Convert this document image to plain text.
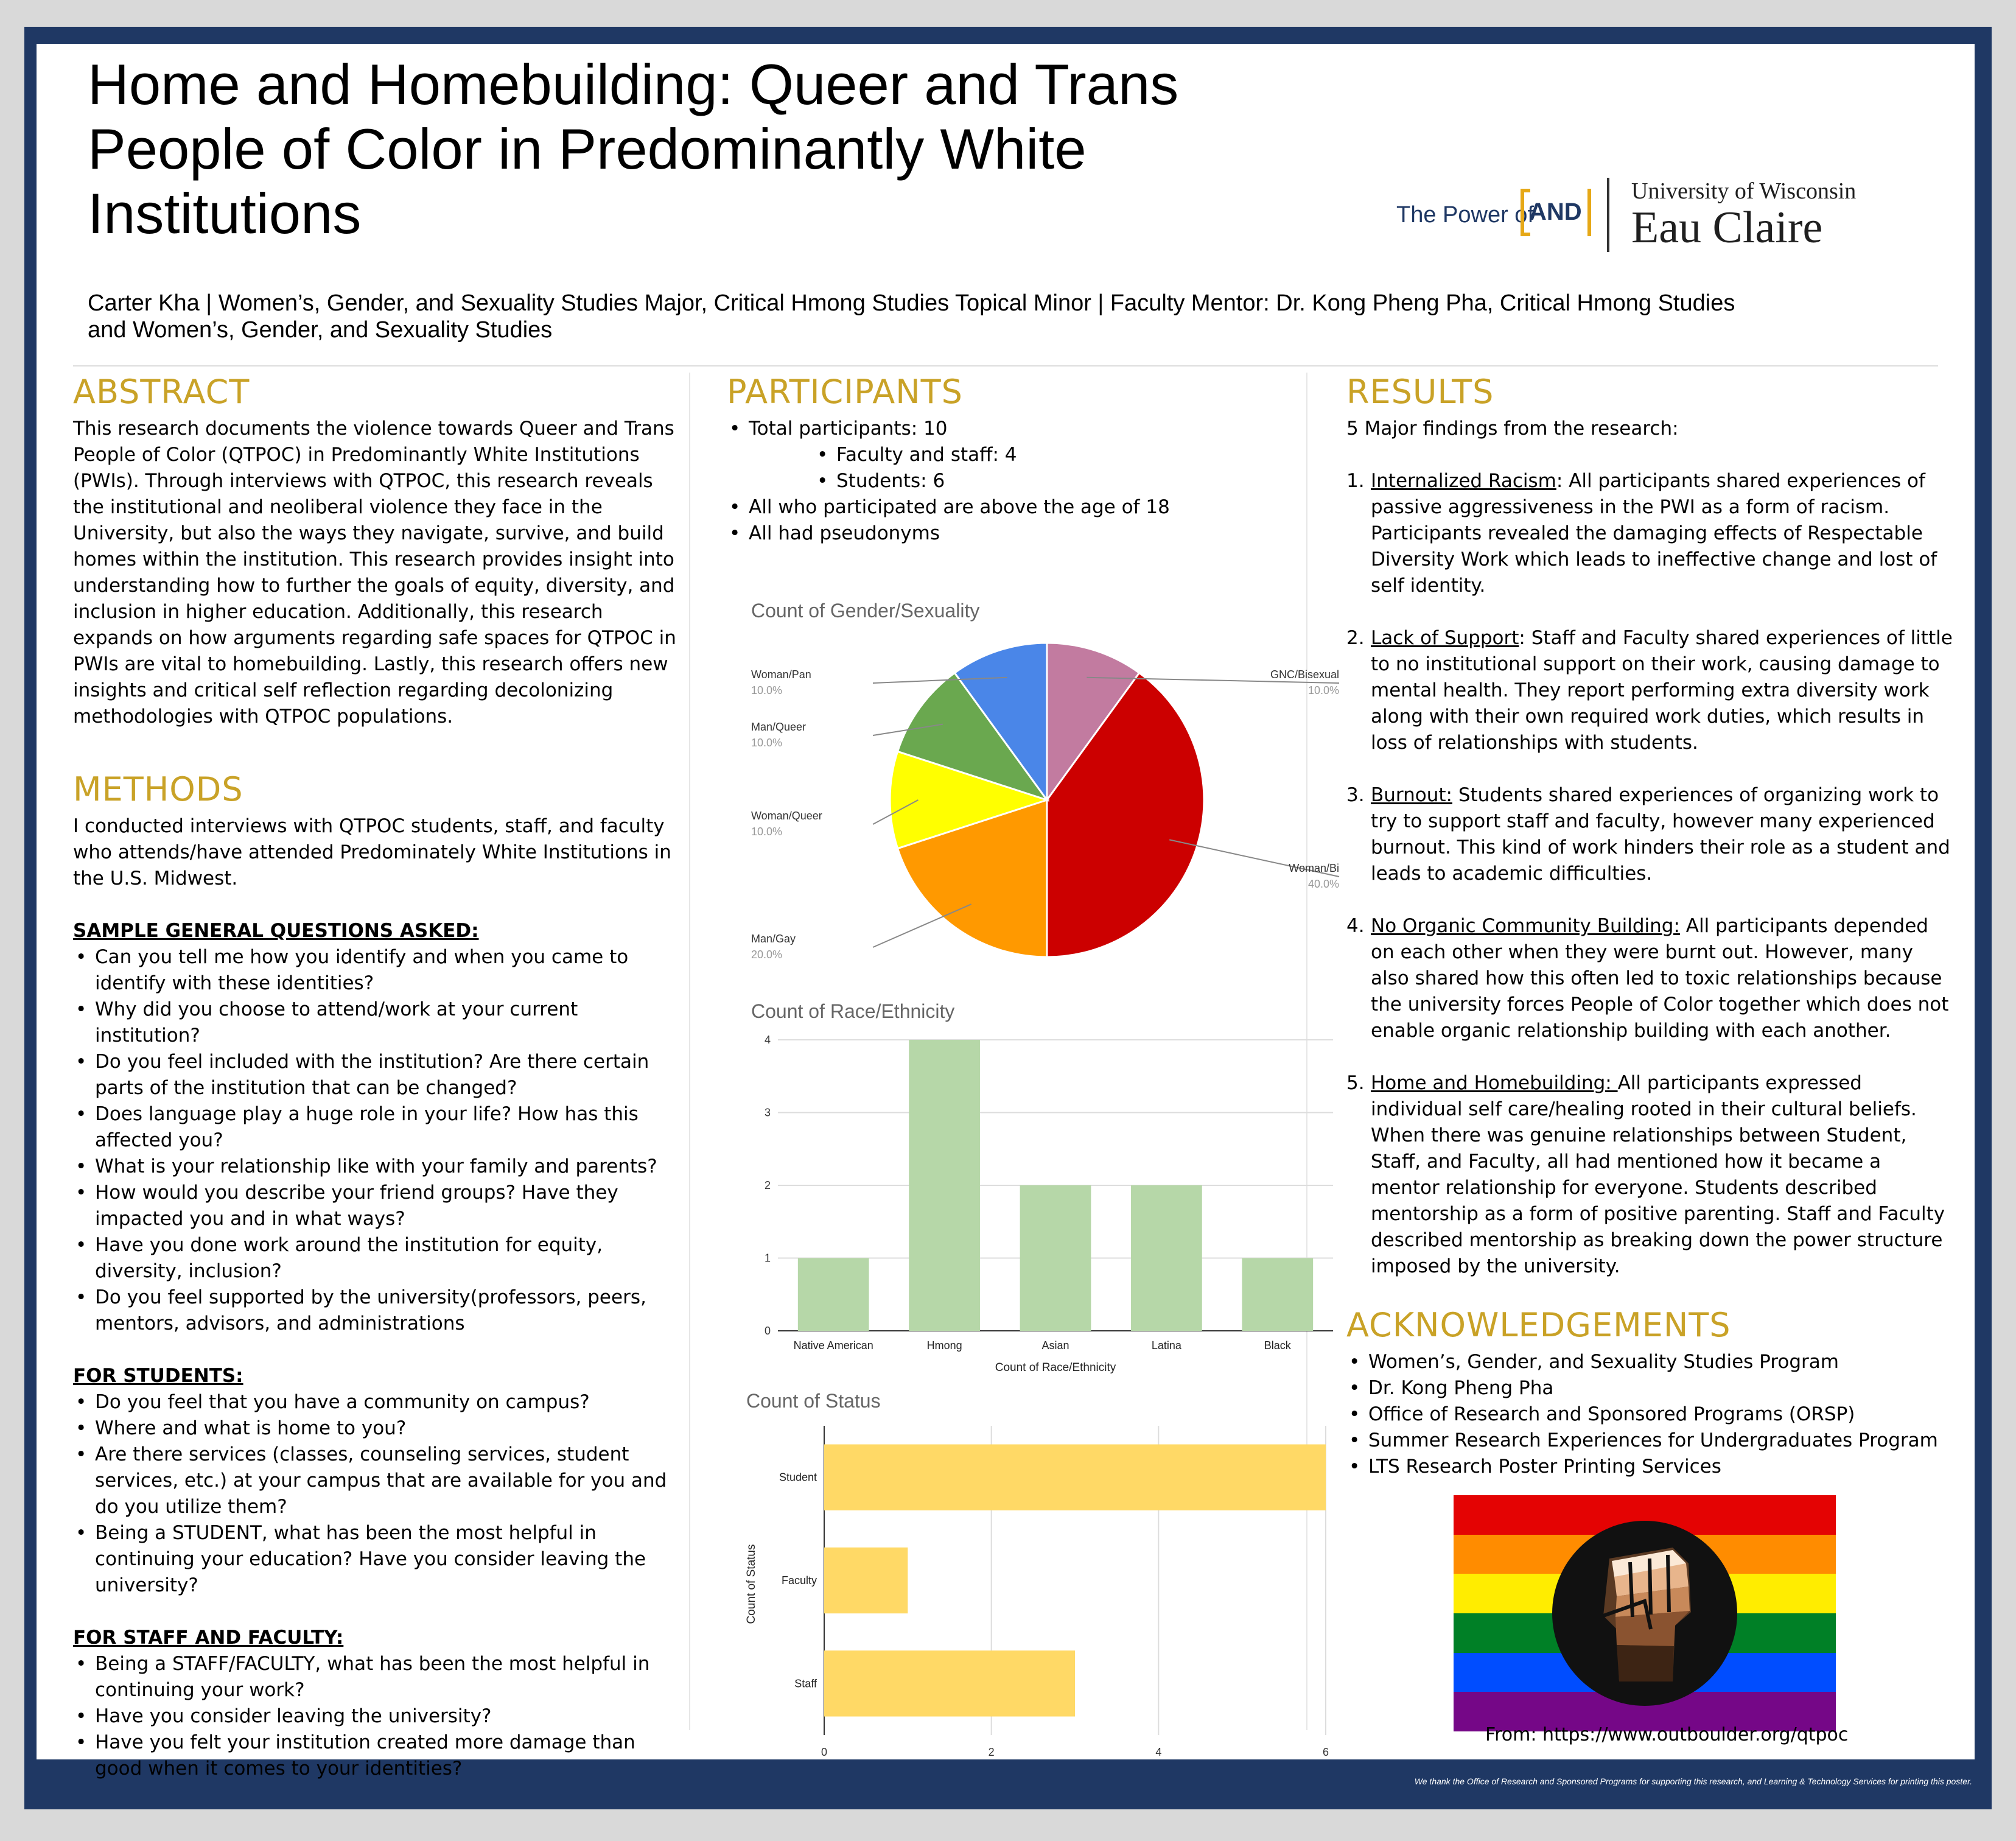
Home and Homebuilding: Queer and Trans
People of Color in Predominantly White
Institutions	The Power of
AND
University of Wisconsin
Eau Claire
Carter Kha | Women’s, Gender, and Sexuality Studies Major, Critical Hmong Studies Topical Minor | Faculty Mentor: Dr. Kong Pheng Pha, Critical Hmong Studies
and Women’s, Gender, and Sexuality Studies
ABSTRACT

This research documents the violence towards Queer and Trans People of Color (QTPOC) in Predominantly White Institutions (PWIs). Through interviews with QTPOC, this research reveals the institutional and neoliberal violence they face in the University, but also the ways they navigate, survive, and build homes within the institution. This research provides insight into understanding how to further the goals of equity, diversity, and inclusion in higher education. Additionally, this research expands on how arguments regarding safe spaces for QTPOC in PWIs are vital to homebuilding. Lastly, this research offers new insights and critical self reflection regarding decolonizing methodologies with QTPOC populations.

METHODS

I conducted interviews with QTPOC students, staff, and faculty who attends/have attended Predominately White Institutions in the U.S. Midwest.

SAMPLE GENERAL QUESTIONS ASKED:

• Can you tell me how you identify and when you came to identify with these identities?
• Why did you choose to attend/work at your current institution?
• Do you feel included with the institution? Are there certain parts of the institution that can be changed?
• Does language play a huge role in your life? How has this affected you?
• What is your relationship like with your family and parents?
• How would you describe your friend groups? Have they impacted you and in what ways?
• Have you done work around the institution for equity, diversity, inclusion?
• Do you feel supported by the university(professors, peers, mentors, advisors, and administrations

FOR STUDENTS:

• Do you feel that you have a community on campus?
• Where and what is home to you?
• Are there services (classes, counseling services, student services, etc.) at your campus that are available for you and do you utilize them?
• Being a STUDENT, what has been the most helpful in continuing your education? Have you consider leaving the university?

FOR STAFF AND FACULTY:

• Being a STAFF/FACULTY, what has been the most helpful in continuing your work?
• Have you consider leaving the university?
• Have you felt your institution created more damage than good when it comes to your identities?
PARTICIPANTS
• Total participants: 10
• Faculty and staff: 4
• Students: 6
• All who participated are above the age of 18
• All had pseudonyms
Count of Gender/Sexuality
GNC/Bisexual
10.0%
Woman/Bi
40.0%
Man/Gay
20.0%
Woman/Queer
10.0%
Man/Queer
10.0%
Woman/Pan
10.0%
Count of Race/Ethnicity
0
1
2
3
4
Native American	Hmong	Asian	Latina	Black
Count of Race/Ethnicity
Count of Status
0	2	4	6
Student
Faculty
Staff
Count of Status
RESULTS

5 Major findings from the research:

1. Internalized Racism: All participants shared experiences of passive aggressiveness in the PWI as a form of racism. Participants revealed the damaging effects of Respectable Diversity Work which leads to ineffective change and lost of self identity.
2. Lack of Support: Staff and Faculty shared experiences of little to no institutional support on their work, causing damage to mental health. They report performing extra diversity work along with their own required work duties, which results in loss of relationships with students.
3. Burnout: Students shared experiences of organizing work to try to support staff and faculty, however many experienced burnout. This kind of work hinders their role as a student and leads to academic difficulties.
4. No Organic Community Building: All participants depended on each other when they were burnt out. However, many also shared how this often led to toxic relationships because the university forces People of Color together which does not enable organic relationship building with each another.
5. Home and Homebuilding: All participants expressed individual self care/healing rooted in their cultural beliefs. When there was genuine relationships between Student, Staff, and Faculty, all had mentioned how it became a mentor relationship for everyone. Students described mentorship as a form of positive parenting. Staff and Faculty described mentorship as breaking down the power structure imposed by the university.
ACKNOWLEDGEMENTS
• Women’s, Gender, and Sexuality Studies Program
• Dr. Kong Pheng Pha
• Office of Research and Sponsored Programs (ORSP)
• Summer Research Experiences for Undergraduates Program
• LTS Research Poster Printing Services
From: https://www.outboulder.org/qtpoc
We thank the Office of Research and Sponsored Programs for supporting this research, and Learning & Technology Services for printing this poster.
